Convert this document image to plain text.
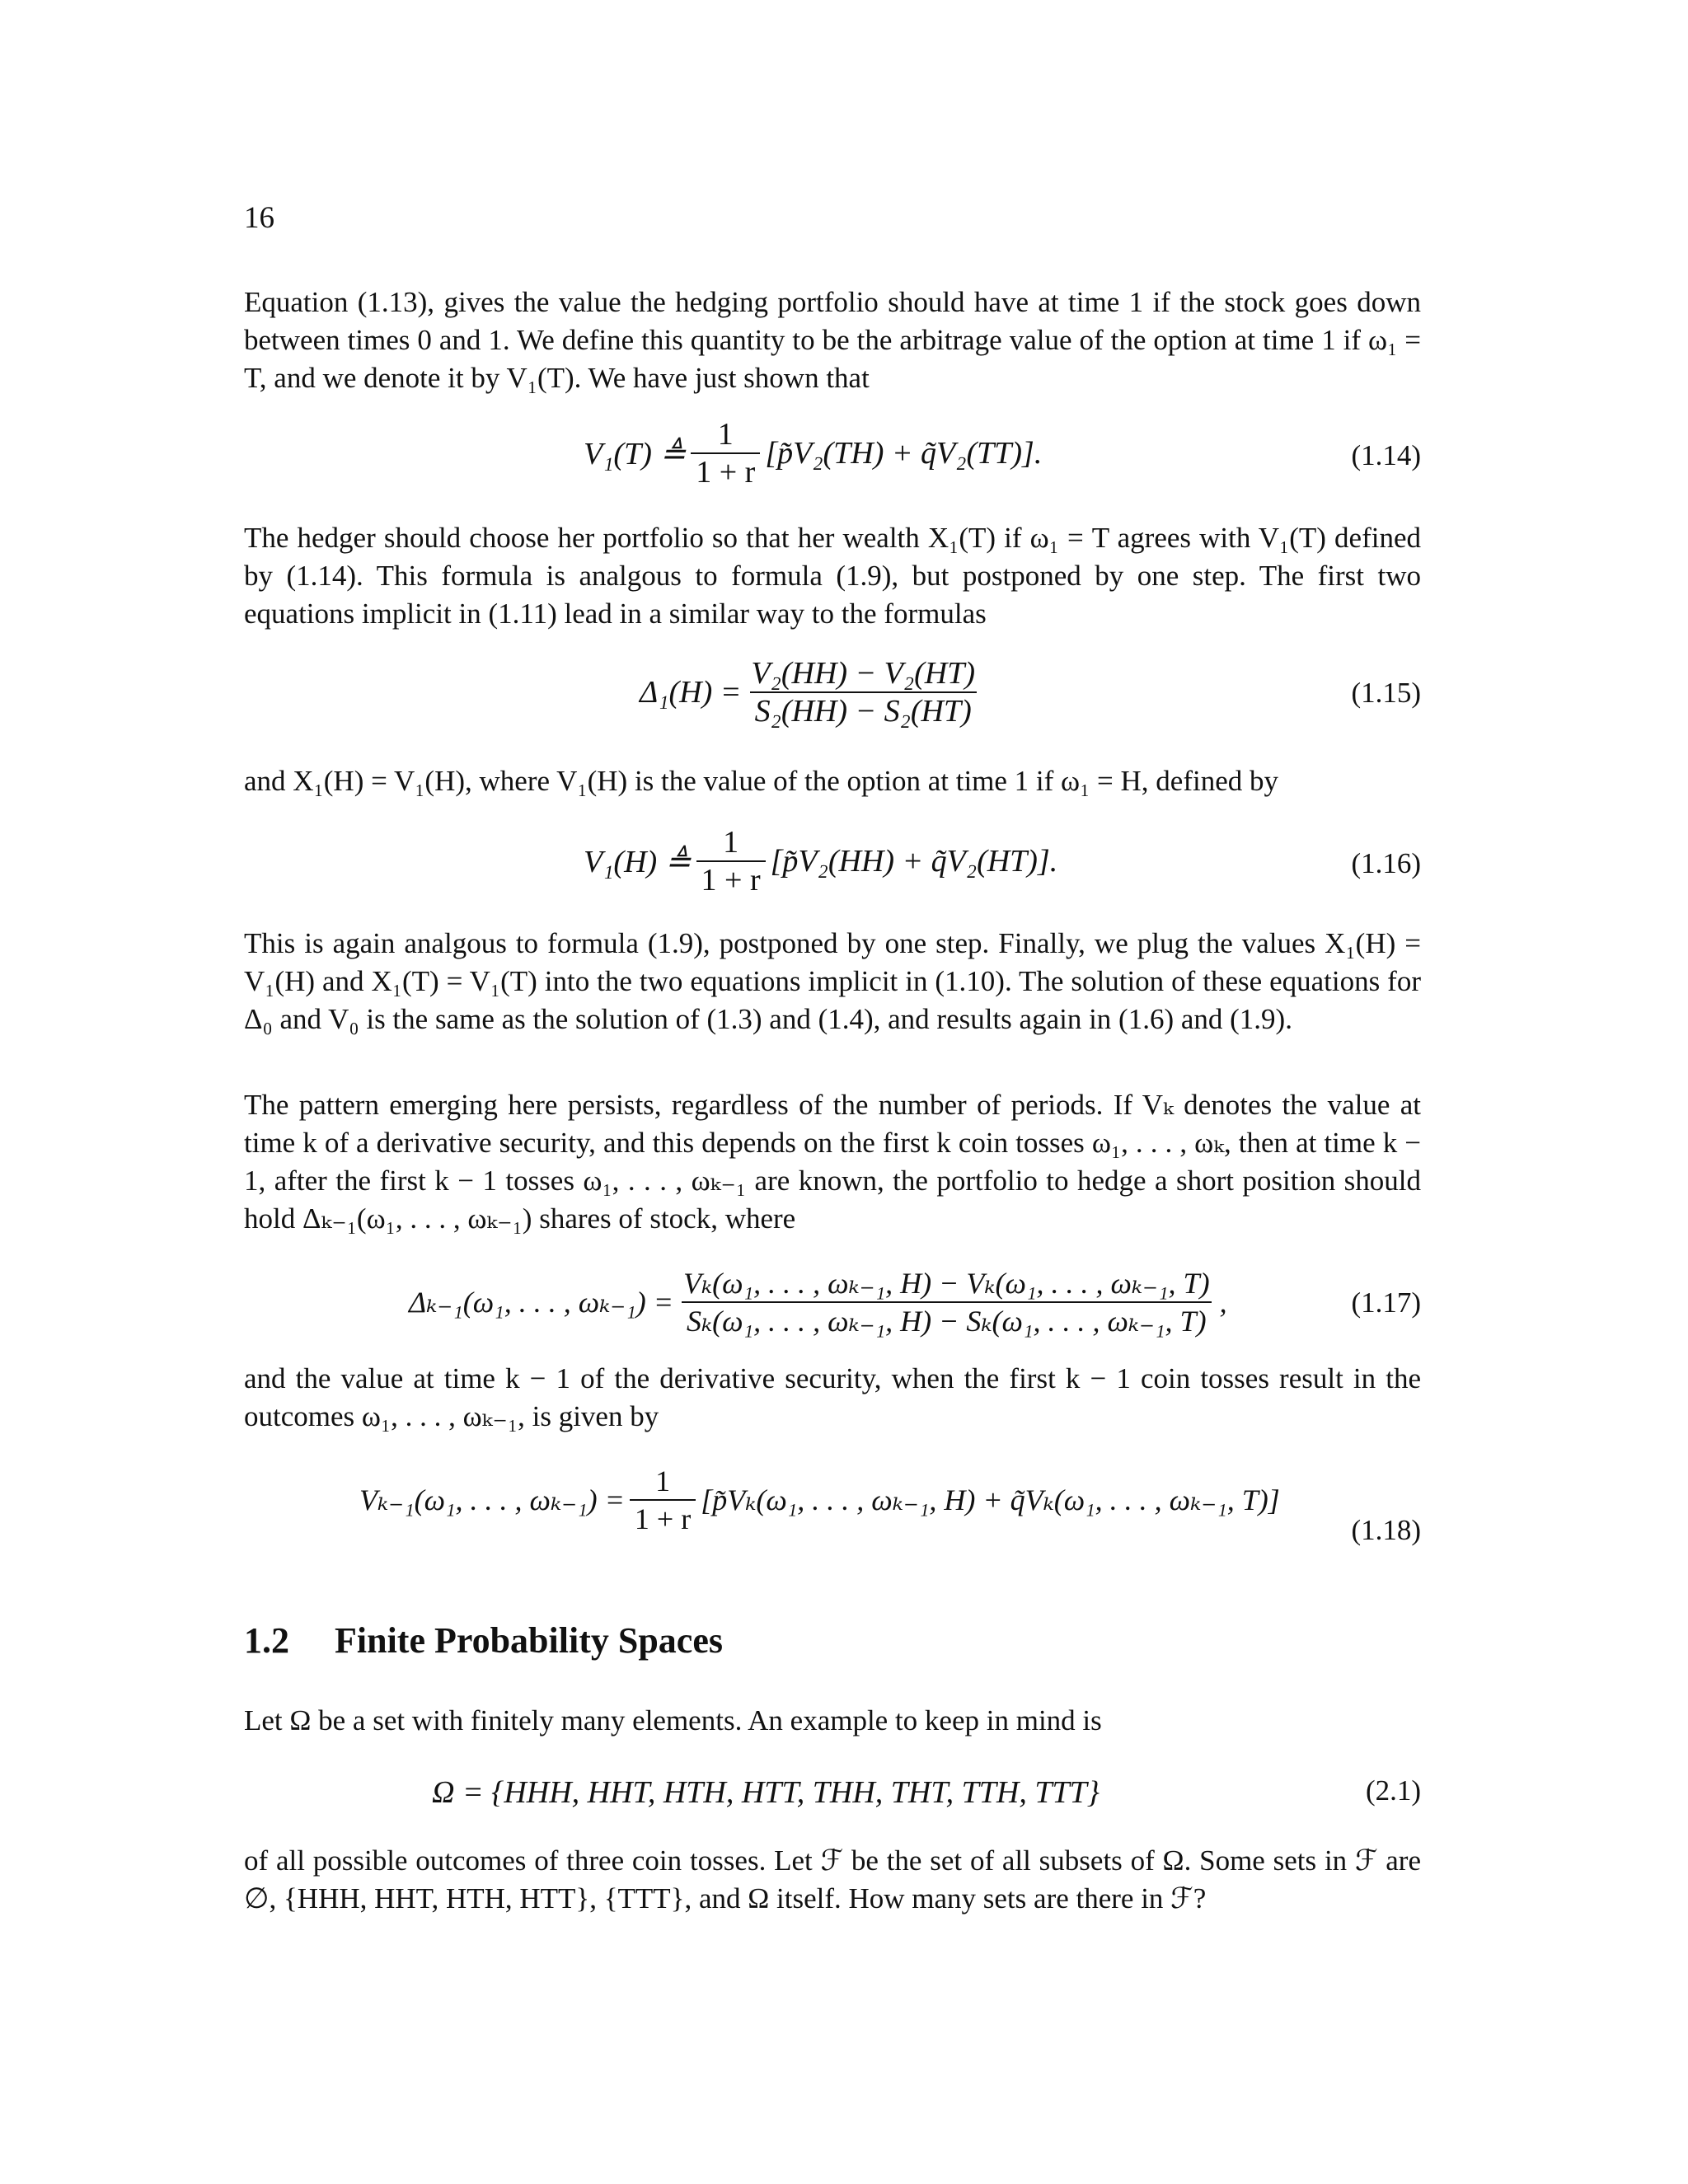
16

Equation (1.13), gives the value the hedging portfolio should have at time 1 if the stock goes down between times 0 and 1. We define this quantity to be the arbitrage value of the option at time 1 if ω₁ = T, and we denote it by V₁(T). We have just shown that

V₁(T) ≜ $\frac{1}{1 + r}$ [p̃V₂(TH) + q̃V₂(TT)].	(1.14)

The hedger should choose her portfolio so that her wealth X₁(T) if ω₁ = T agrees with V₁(T) defined by (1.14). This formula is analgous to formula (1.9), but postponed by one step. The first two equations implicit in (1.11) lead in a similar way to the formulas

$\Delta_1(H) = \frac{\text{V₂(HH) − V₂(HT)}}{\text{S₂(HH) − S₂(HT)}}$	(1.15)

and X₁(H) = V₁(H), where V₁(H) is the value of the option at time 1 if ω₁ = H, defined by

V₁(H) ≜ $\frac{1}{1 + r}$ [p̃V₂(HH) + q̃V₂(HT)].	(1.16)

This is again analgous to formula (1.9), postponed by one step. Finally, we plug the values X₁(H) = V₁(H) and X₁(T) = V₁(T) into the two equations implicit in (1.10). The solution of these equations for Δ₀ and V₀ is the same as the solution of (1.3) and (1.4), and results again in (1.6) and (1.9).

The pattern emerging here persists, regardless of the number of periods. If Vₖ denotes the value at time k of a derivative security, and this depends on the first k coin tosses ω₁, . . . , ωₖ, then at time k − 1, after the first k − 1 tosses ω₁, . . . , ωₖ₋₁ are known, the portfolio to hedge a short position should hold Δₖ₋₁(ω₁, . . . , ωₖ₋₁) shares of stock, where

Δₖ₋₁(ω₁, . . . , $\omega_{k-1}) = \frac{\text{Vₖ(ω₁, . . . , ωₖ₋₁, H) − Vₖ(ω₁, . . . , ωₖ₋₁, T)}}{\text{Sₖ(ω₁, . . . , ωₖ₋₁, H) − Sₖ(ω₁, . . . , ωₖ₋₁, T)}}$ ,	(1.17)

and the value at time k − 1 of the derivative security, when the first k − 1 coin tosses result in the outcomes ω₁, . . . , ωₖ₋₁, is given by

Vₖ₋₁(ω₁, . . . , $\omega_{k-1}) = \frac{1}{1 + r}$ [p̃Vₖ(ω₁, . . . , ωₖ₋₁, H) + q̃Vₖ(ω₁, . . . , ωₖ₋₁, T)]
(1.18)
1.2 Finite Probability Spaces

Let Ω be a set with finitely many elements. An example to keep in mind is

Ω = {HHH, HHT, HTH, HTT, THH, THT, TTH, TTT}	(2.1)

of all possible outcomes of three coin tosses. Let ℱ be the set of all subsets of Ω. Some sets in ℱ are ∅, {HHH, HHT, HTH, HTT}, {TTT}, and Ω itself. How many sets are there in ℱ?
